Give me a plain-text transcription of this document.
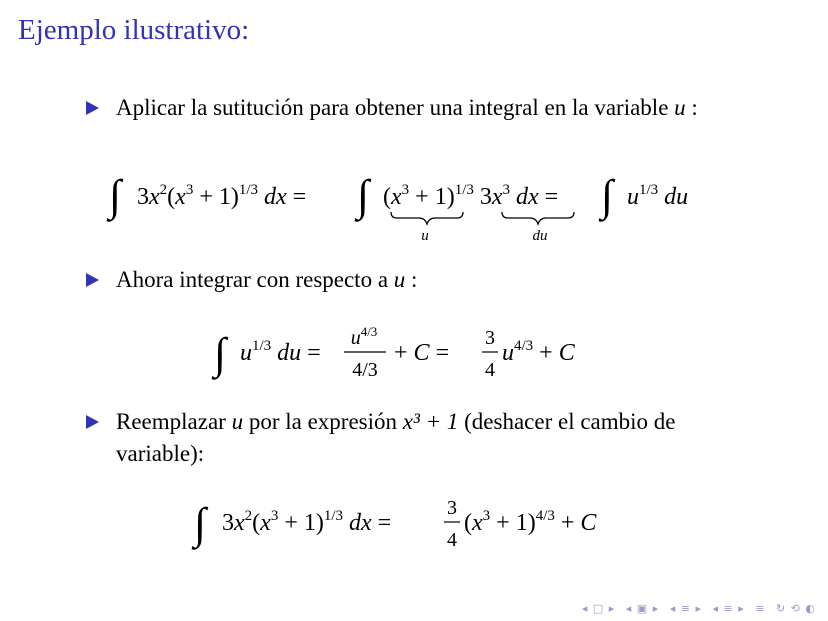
Ejemplo ilustrativo:
Aplicar la sutitución para obtener una integral en la variable u :
∫ $3x^2(x^3 + 1)^{1/3}$ dx = ∫ $(x^3 + 1)^{1/3}$ $3x^3$ dx =
u	du
∫ $u^{1/3}$ du
Ahora integrar con respecto a u :
∫ $u^{1/3}$ du =
$u^{4/3}$
4/3
+ C =
3
4
$u^{4/3} + C$
Reemplazar u por la expresión x³ + 1 (deshacer el cambio de variable):
∫ $3x^2(x^3 + 1)^{1/3}$ dx =
3
4
$(x^3 + 1)^{4/3} + C$
◂ □ ▸ ◂ ▣ ▸ ◂ ≡ ▸ ◂ ≡ ▸ ≡ ↻ ⟲ ◐
